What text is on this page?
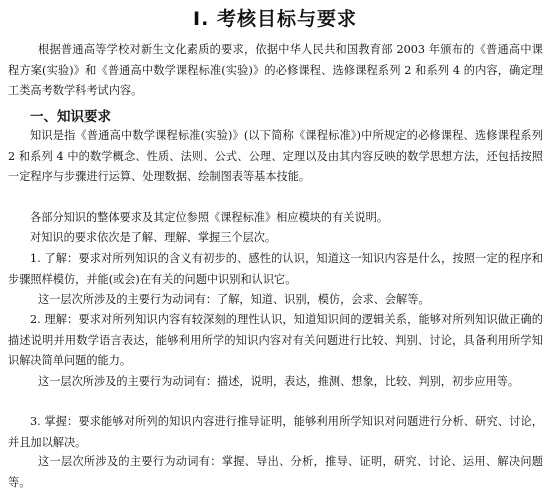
Ⅰ. 考核目标与要求

根据普通高等学校对新生文化素质的要求，依据中华人民共和国教育部 2003 年颁布的《普通高中课程方案(实验)》和《普通高中数学课程标准(实验)》的必修课程、选修课程系列 2 和系列 4 的内容，确定理工类高考数学科考试内容。

一、知识要求

知识是指《普通高中数学课程标准(实验)》(以下简称《课程标准》)中所规定的必修课程、选修课程系列 2 和系列 4 中的数学概念、性质、法则、公式、公理、定理以及由其内容反映的数学思想方法，还包括按照一定程序与步骤进行运算、处理数据、绘制图表等基本技能。

各部分知识的整体要求及其定位参照《课程标准》相应模块的有关说明。

对知识的要求依次是了解、理解、掌握三个层次。

1. 了解：要求对所列知识的含义有初步的、感性的认识，知道这一知识内容是什么，按照一定的程序和步骤照样模仿，并能(或会)在有关的问题中识别和认识它。

这一层次所涉及的主要行为动词有：了解，知道、识别，模仿，会求、会解等。

2. 理解：要求对所列知识内容有较深刻的理性认识，知道知识间的逻辑关系，能够对所列知识做正确的描述说明并用数学语言表达，能够利用所学的知识内容对有关问题进行比较、判别、讨论，具备利用所学知识解决简单问题的能力。

这一层次所涉及的主要行为动词有：描述，说明，表达，推测、想象，比较、判别，初步应用等。

3. 掌握：要求能够对所列的知识内容进行推导证明，能够利用所学知识对问题进行分析、研究、讨论，并且加以解决。

这一层次所涉及的主要行为动词有：掌握、导出、分析，推导、证明，研究、讨论、运用、解决问题等。
